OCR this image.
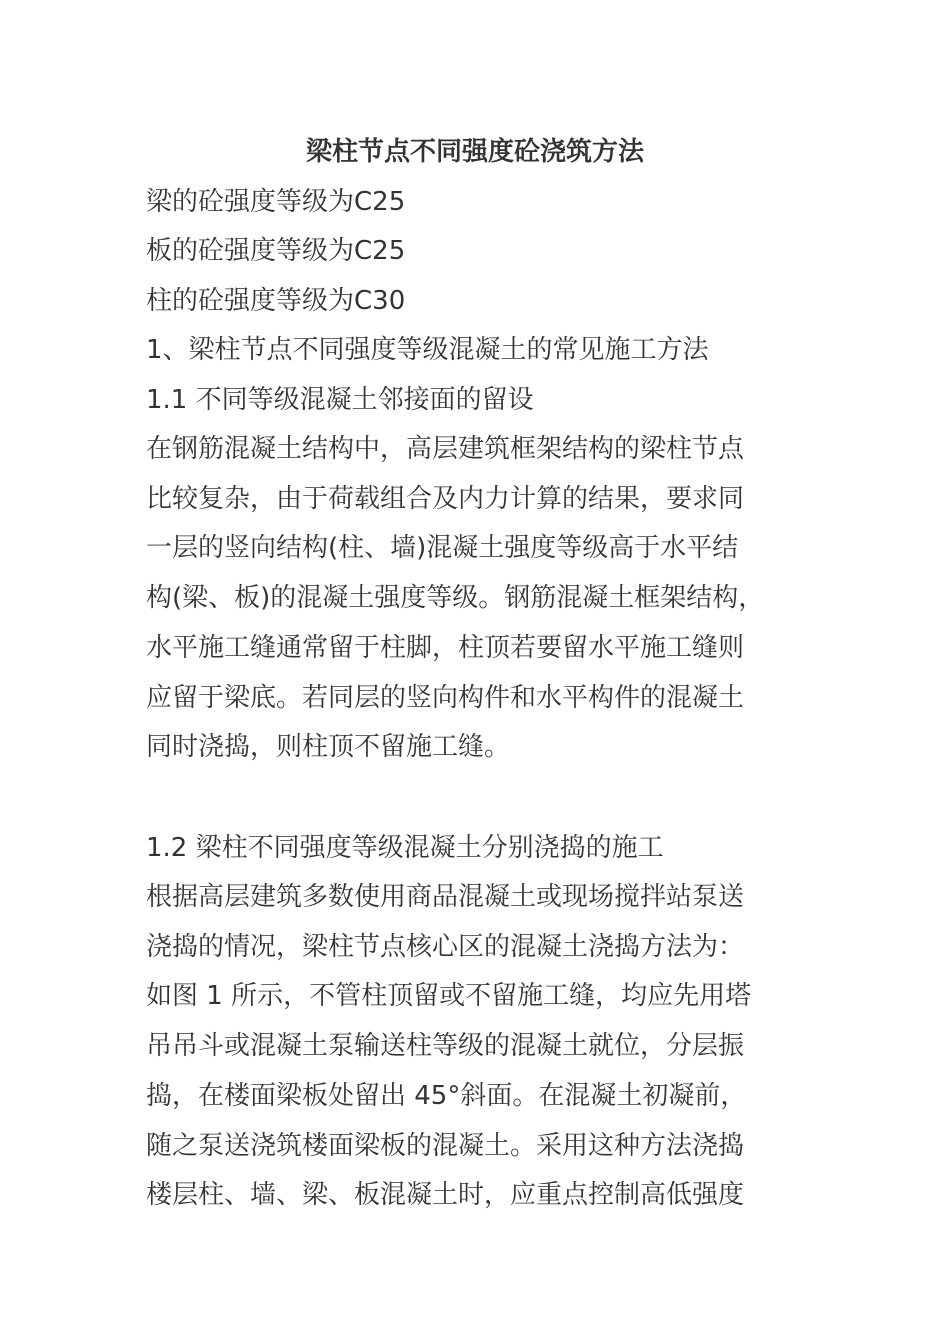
梁柱节点不同强度砼浇筑方法
梁的砼强度等级为C25
板的砼强度等级为C25
柱的砼强度等级为C30
1、梁柱节点不同强度等级混凝土的常见施工方法
1.1 不同等级混凝土邻接面的留设
在钢筋混凝土结构中，高层建筑框架结构的梁柱节点
比较复杂，由于荷载组合及内力计算的结果，要求同
一层的竖向结构(柱、墙)混凝土强度等级高于水平结
构(梁、板)的混凝土强度等级。钢筋混凝土框架结构，
水平施工缝通常留于柱脚，柱顶若要留水平施工缝则
应留于梁底。若同层的竖向构件和水平构件的混凝土
同时浇捣，则柱顶不留施工缝。
1.2 梁柱不同强度等级混凝土分别浇捣的施工
根据高层建筑多数使用商品混凝土或现场搅拌站泵送
浇捣的情况，梁柱节点核心区的混凝土浇捣方法为：
如图 1 所示，不管柱顶留或不留施工缝，均应先用塔
吊吊斗或混凝土泵输送柱等级的混凝土就位，分层振
捣，在楼面梁板处留出 45°斜面。在混凝土初凝前，
随之泵送浇筑楼面梁板的混凝土。采用这种方法浇捣
楼层柱、墙、梁、板混凝土时，应重点控制高低强度
